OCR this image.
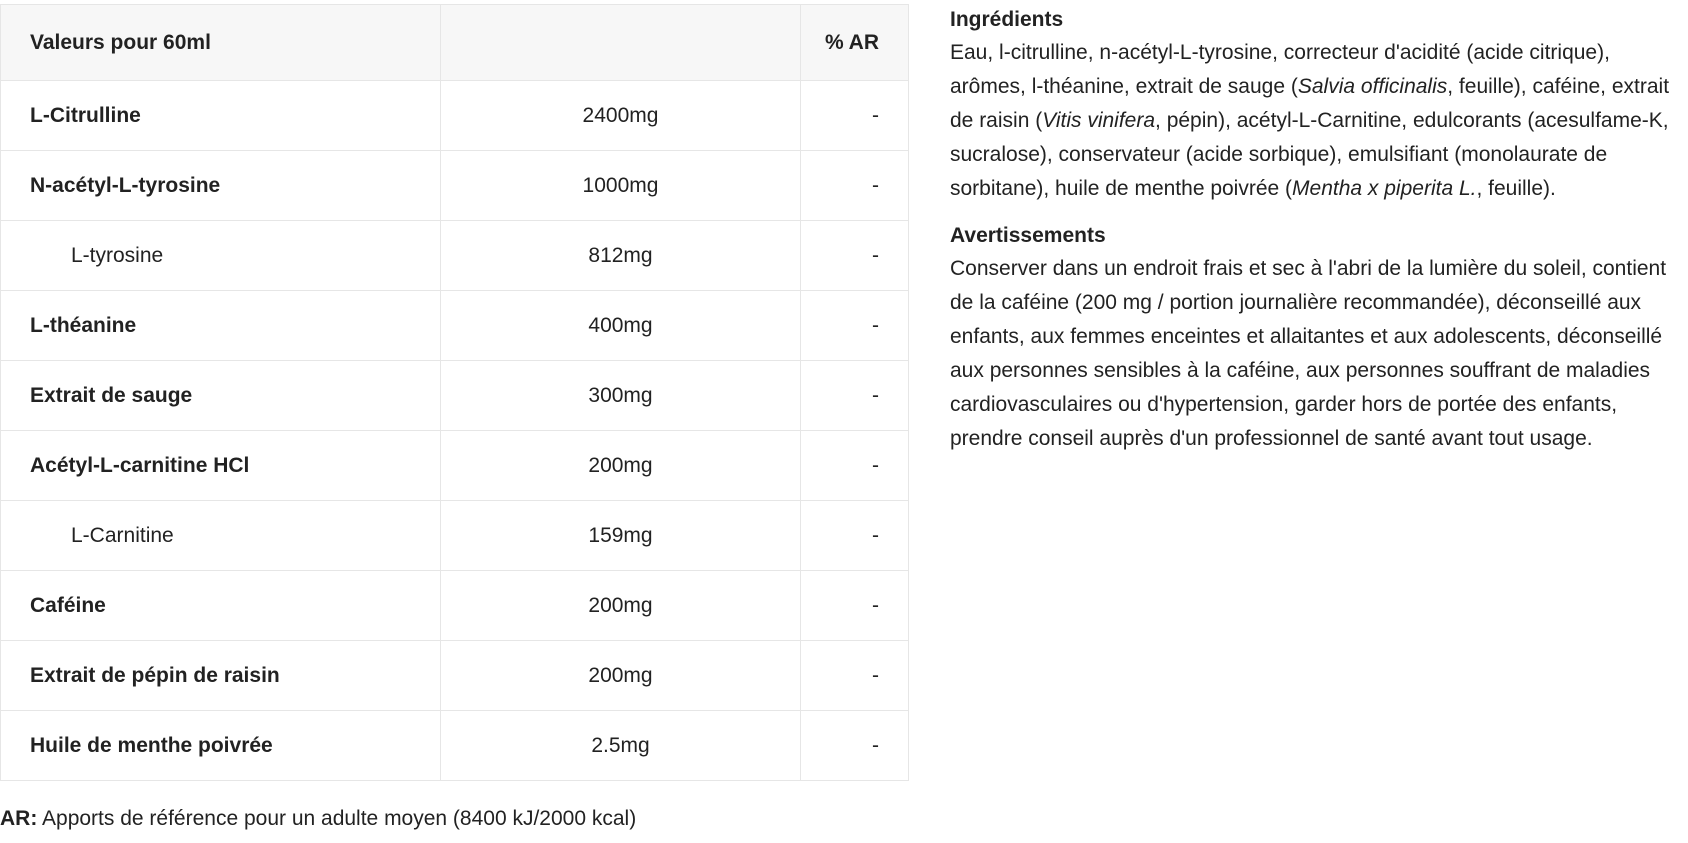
Valeurs pour 60ml		% AR
L-Citrulline	2400mg	-
N-acétyl-L-tyrosine	1000mg	-
L-tyrosine	812mg	-
L-théanine	400mg	-
Extrait de sauge	300mg	-
Acétyl-L-carnitine HCl	200mg	-
L-Carnitine	159mg	-
Caféine	200mg	-
Extrait de pépin de raisin	200mg	-
Huile de menthe poivrée	2.5mg	-
AR: Apports de référence pour un adulte moyen (8400 kJ/2000 kcal)
Ingrédients

Eau, l-citrulline, n-acétyl-L-tyrosine, correcteur d'acidité (acide citrique), arômes, l-théanine, extrait de sauge (Salvia officinalis, feuille), caféine, extrait de raisin (Vitis vinifera, pépin), acétyl-L-Carnitine, edulcorants (acesulfame-K, sucralose), conservateur (acide sorbique), emulsifiant (monolaurate de sorbitane), huile de menthe poivrée (Mentha x piperita L., feuille).

Avertissements

Conserver dans un endroit frais et sec à l'abri de la lumière du soleil, contient de la caféine (200 mg / portion journalière recommandée), déconseillé aux enfants, aux femmes enceintes et allaitantes et aux adolescents, déconseillé aux personnes sensibles à la caféine, aux personnes souffrant de maladies cardiovasculaires ou d'hypertension, garder hors de portée des enfants, prendre conseil auprès d'un professionnel de santé avant tout usage.
